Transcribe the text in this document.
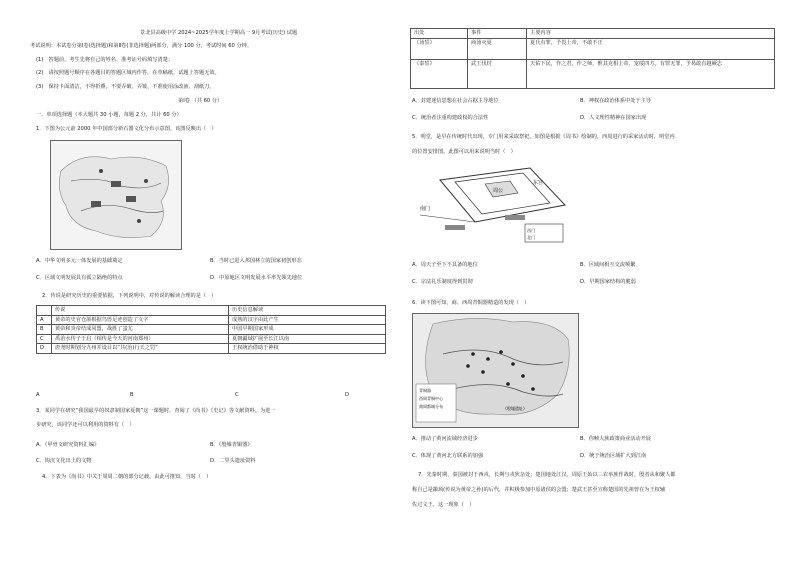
景北县高级中学 2024~2025学年度上学期高一 9月考试(历史) 试题
考试说明：本试卷分第Ⅰ卷(选择题)和第Ⅱ卷(非选择题)两部分，满分 100 分，考试时间 60 分钟。
(1)　答题前，考生先将自己的姓名、准考证号码填写清楚；
(2)　请按照题号顺序在各题目的答题区域内作答，在草稿纸、试题上答题无效。
(3)　保持卡面清洁，不得折叠，不要弄破、弄皱，不准使用涂改液、刮纸刀。
第Ⅰ卷 （共 60 分）
一、单项选择题（本大题共 30 小题，每题 2 分，共计 60 分）
1．下图为公元前 2000 年中国部分新石器文化分布示意图。该图反映出（　）
A．中华文明多元一体发展的基础奠定	B．当时已进入邦国林立的国家初创形态
C．区域文明发展具有孤立隔绝的特点	D．中原地区文明发展水平率先领先地位
2．传说是研究历史的重要依据，下列说明中，对传说的解读合理的是（　）
	传说	历史信息解读
A	黄帝的史官仓颉根据鸟兽足迹创造了文字	成熟的汉字由此产生
B	黄帝和炎帝结成同盟，战胜了蚩尤	中国早期国家形成
C	禹治水传子于启（相传是今天的河南郑州）	夏朝疆域扩展至长江以南
D	唐尧时期划分九州并设目以“共(治)行天之罚”	王权统治借助于神权
A	B	C	D
3．某同学在研究“我国最早的奴隶制国家夏朝”这一课题时，查阅了《尚书》《史记》等文献资料。为进一
步研究，该同学还可以利用的资料有（　）
A．《甲骨文研究资料汇编》	B．《殷墟青铜器》
C．钩沉文化出土的文物	D．二里头遗址资料
4．下表为《尚书》中关于周周二朝的部分记载。由此可推知，当时（　）
出处	事件	主要内容
《汤誓》	商汤灭夏	夏氏有罪，予畏上帝，不敢不正
《泰誓》	武王伐纣	天佑下民，作之君，作之师，惟其克相上帝，宠绥四方。有罪无罪，予曷敢有越厥志
A．封建迷信思想在社会占据主导地位	B．神权在政治体系中处于主导
C．统治者注重构建政权的合法性	D．人文理性精神在国家出现
5．明堂，是早在传统时代出现，专门用来采取祭祀，如图是根据《周书》绘制的，西周进行的采家活动时，明堂内
的位置安排图。此图可以用来说明当时（　）
南门
周公
东宫
西门
北门
A．周天子至下不具备的地位	B．区域间相互交流频繁
C．宗法礼乐制度得到贯彻	D．早期国家结构的脆弱
6．读下图可知，商、西周青铜器精造的发现（　）
青铜器
西周青铜中心
商周都城分布	《殷墟遗址》
A．推动了黄河流域经济进步	B．你帧大族政策商业活动开展
C．体现了黄河北方联系的加强	D．统于统治区域扩大到江南
7．先秦时期，秦国被封于西戎，长期与戎狄杂处；楚国地处江汉，周原王始以三农举族作战时，殷者从和聚人都
称自己是颛顼(传说为黄帝之孙)的后代，并积极参加中原诸侯的会盟；楚武王甚至宣称楚国的先祖曾在为王权辅
佐过文王。这一现象（　）
